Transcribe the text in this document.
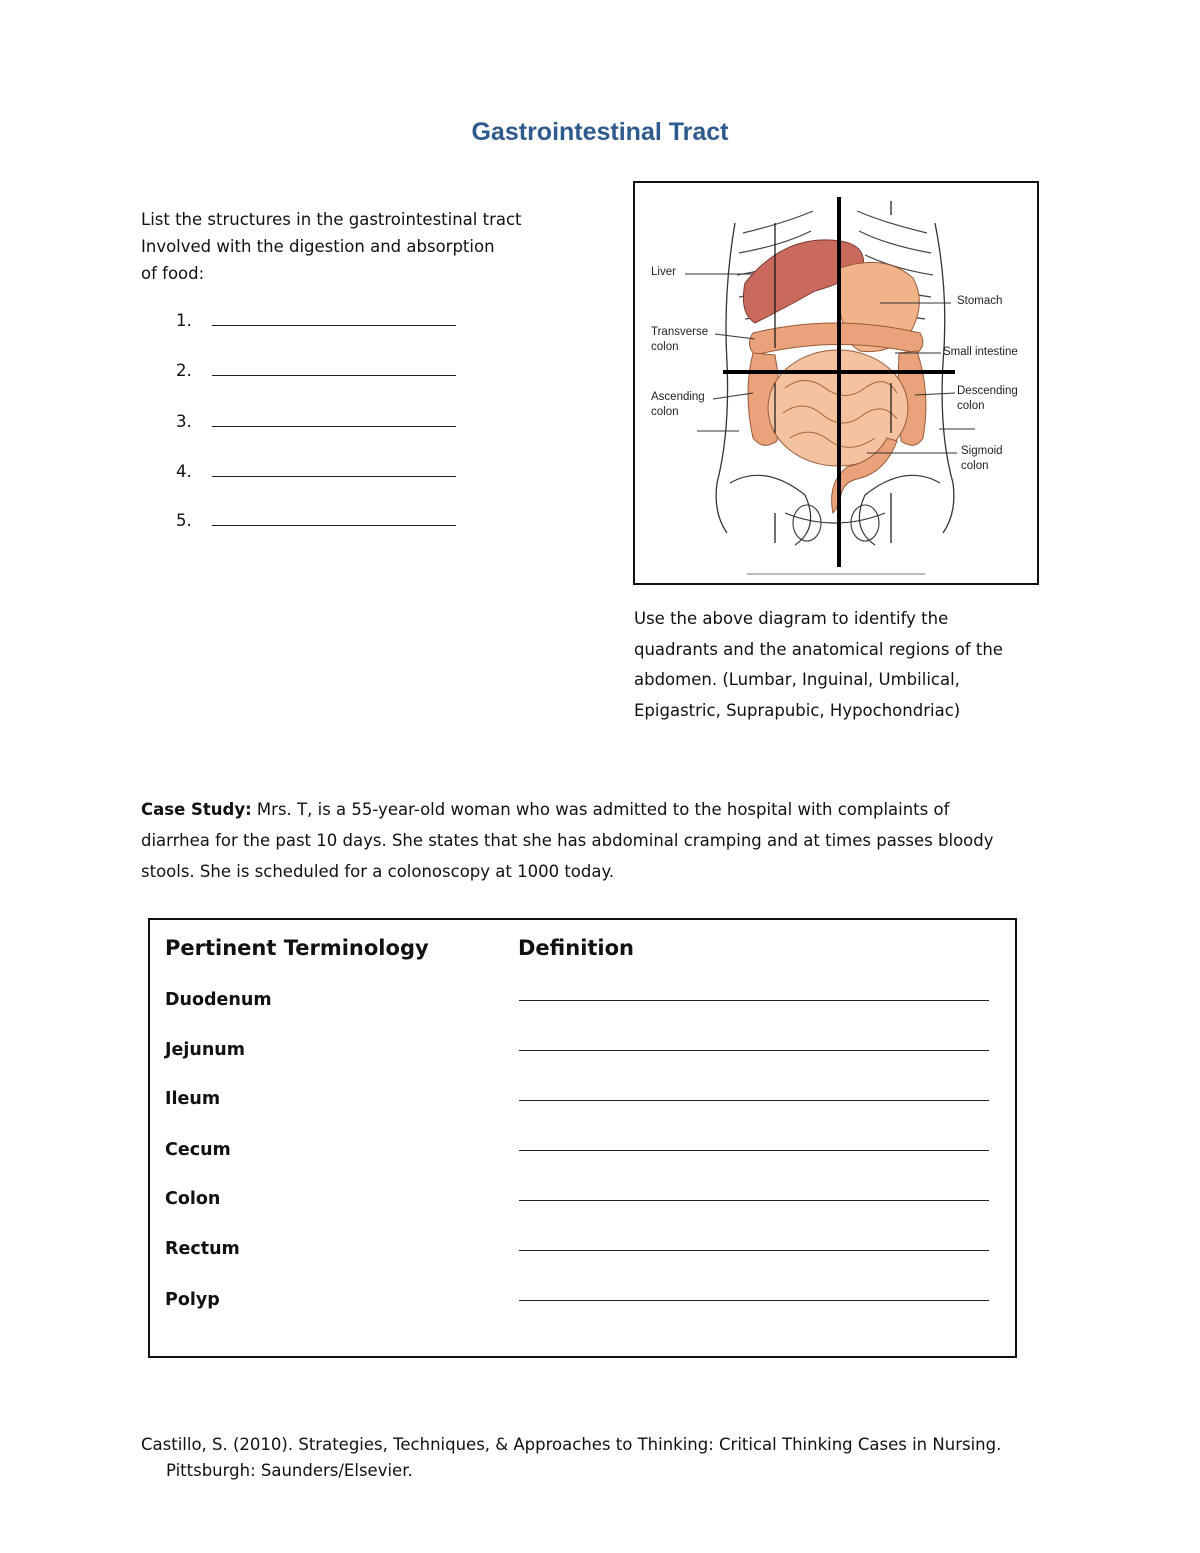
Gastrointestinal Tract
List the structures in the gastrointestinal tract
Involved with the digestion and absorption
of food:
1.
2.
3.
4.
5.
Liver
Transverse
colon
Ascending
colon
Stomach
Small intestine
Descending
colon
Sigmoid
colon
Use the above diagram to identify the
quadrants and the anatomical regions of the
abdomen. (Lumbar, Inguinal, Umbilical,
Epigastric, Suprapubic, Hypochondriac)
Case Study: Mrs. T, is a 55-year-old woman who was admitted to the hospital with complaints of
diarrhea for the past 10 days. She states that she has abdominal cramping and at times passes bloody
stools. She is scheduled for a colonoscopy at 1000 today.
Pertinent Terminology	Definition
Duodenum
Jejunum
Ileum
Cecum
Colon
Rectum
Polyp
Castillo, S. (2010). Strategies, Techniques, & Approaches to Thinking: Critical Thinking Cases in Nursing.
Pittsburgh: Saunders/Elsevier.
